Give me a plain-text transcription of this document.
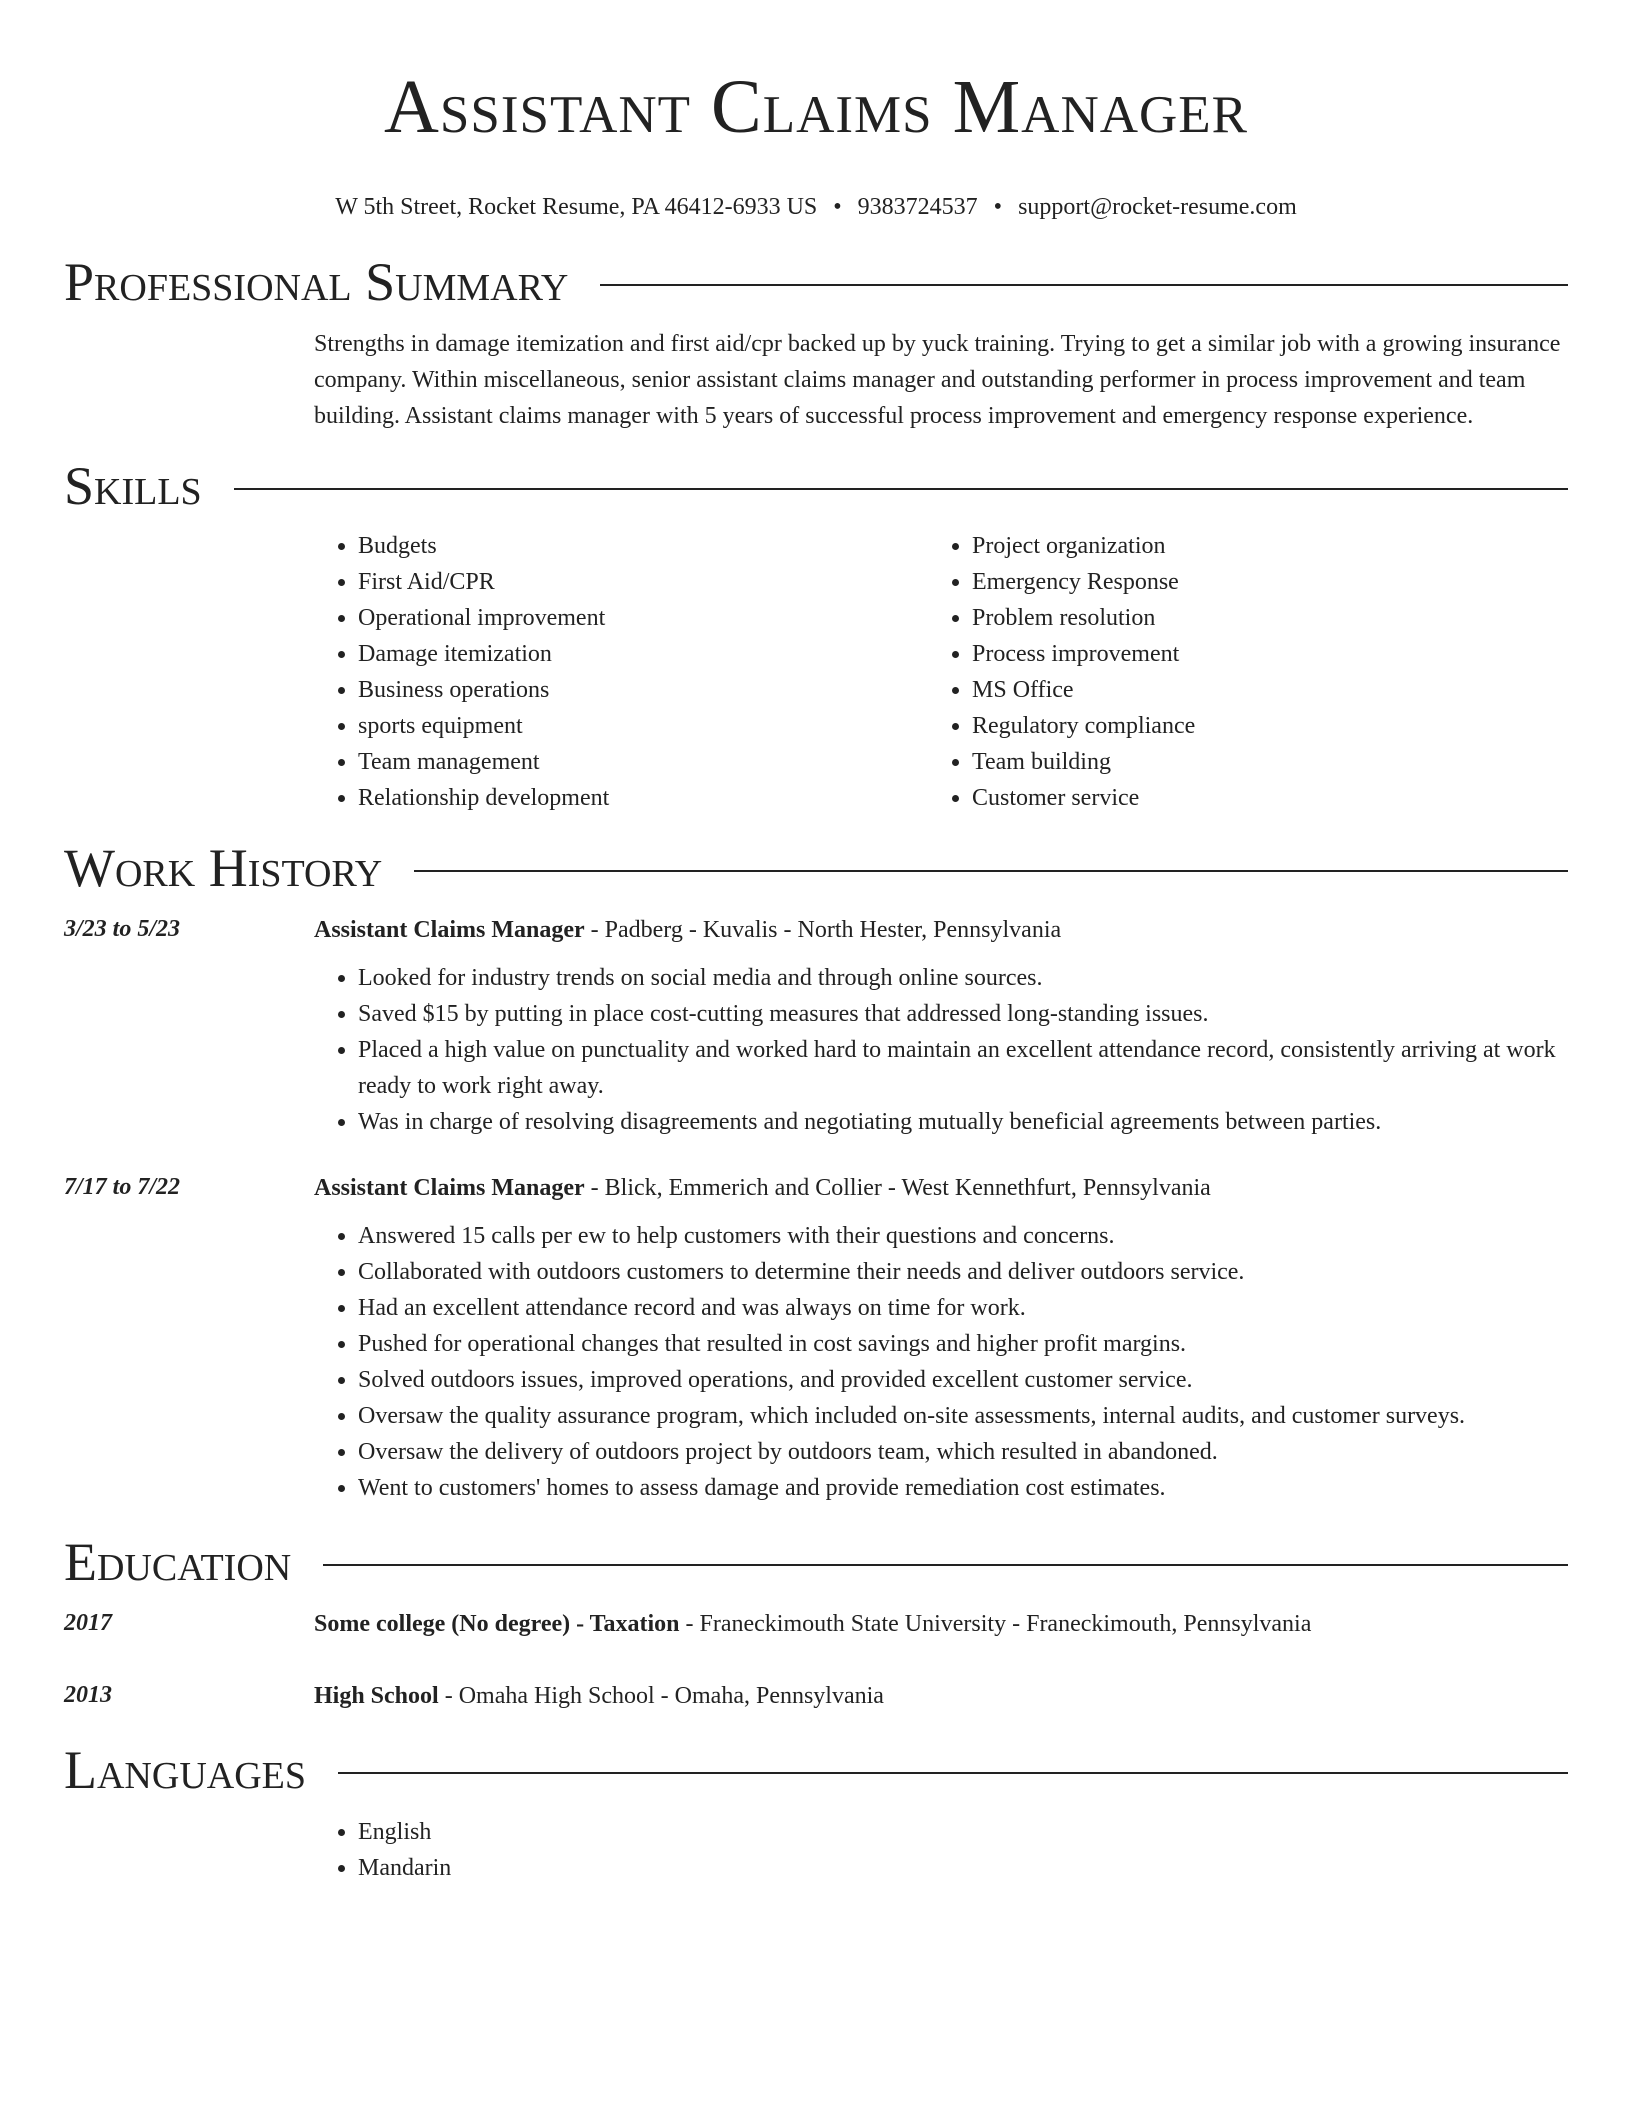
Assistant Claims Manager
W 5th Street, Rocket Resume, PA 46412-6933 US • 9383724537 • support@rocket-resume.com
Professional Summary
Strengths in damage itemization and first aid/cpr backed up by yuck training. Trying to get a similar job with a growing insurance company. Within miscellaneous, senior assistant claims manager and outstanding performer in process improvement and team building. Assistant claims manager with 5 years of successful process improvement and emergency response experience.
Skills
• Budgets
• First Aid/CPR
• Operational improvement
• Damage itemization
• Business operations
• sports equipment
• Team management
• Relationship development
• Project organization
• Emergency Response
• Problem resolution
• Process improvement
• MS Office
• Regulatory compliance
• Team building
• Customer service
Work History
3/23 to 5/23	Assistant Claims Manager - Padberg - Kuvalis - North Hester, Pennsylvania
• Looked for industry trends on social media and through online sources.
• Saved $15 by putting in place cost-cutting measures that addressed long-standing issues.
• Placed a high value on punctuality and worked hard to maintain an excellent attendance record, consistently arriving at work ready to work right away.
• Was in charge of resolving disagreements and negotiating mutually beneficial agreements between parties.
7/17 to 7/22	Assistant Claims Manager - Blick, Emmerich and Collier - West Kennethfurt, Pennsylvania
• Answered 15 calls per ew to help customers with their questions and concerns.
• Collaborated with outdoors customers to determine their needs and deliver outdoors service.
• Had an excellent attendance record and was always on time for work.
• Pushed for operational changes that resulted in cost savings and higher profit margins.
• Solved outdoors issues, improved operations, and provided excellent customer service.
• Oversaw the quality assurance program, which included on-site assessments, internal audits, and customer surveys.
• Oversaw the delivery of outdoors project by outdoors team, which resulted in abandoned.
• Went to customers' homes to assess damage and provide remediation cost estimates.
Education
2017	Some college (No degree) - Taxation - Franeckimouth State University - Franeckimouth, Pennsylvania
2013	High School - Omaha High School - Omaha, Pennsylvania
Languages
• English
• Mandarin
